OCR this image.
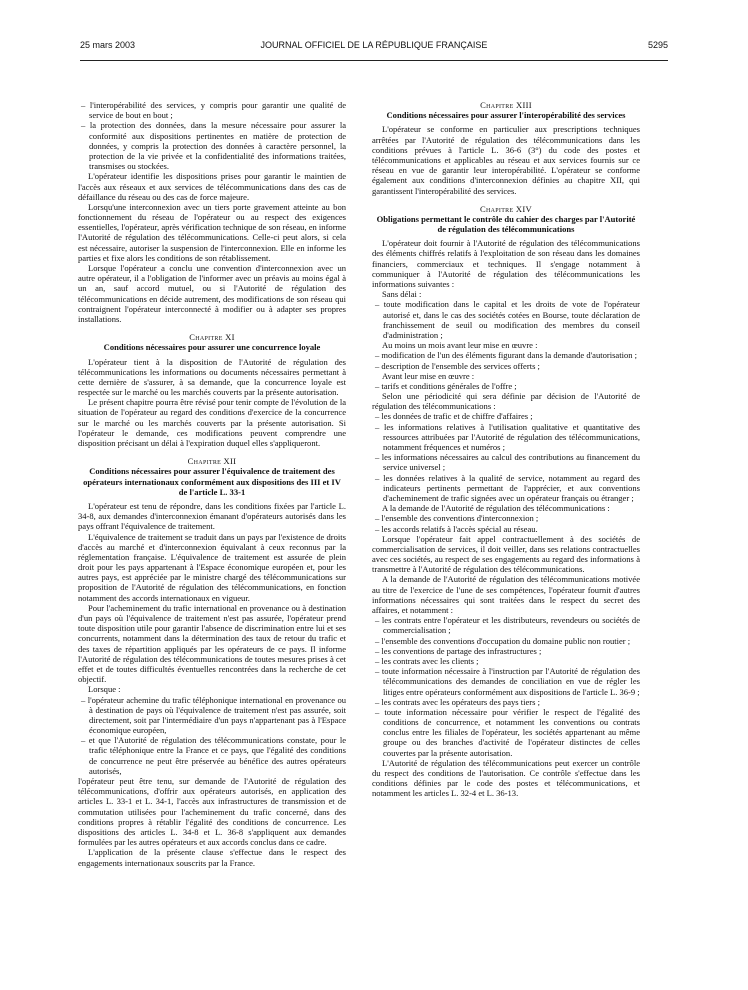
25 mars 2003	JOURNAL OFFICIEL DE LA RÉPUBLIQUE FRANÇAISE	5295

– l'interopérabilité des services, y compris pour garantir une qualité de service de bout en bout ;

– la protection des données, dans la mesure nécessaire pour assurer la conformité aux dispositions pertinentes en matière de protection de données, y compris la protection des données à caractère personnel, la protection de la vie privée et la confidentialité des informations traitées, transmises ou stockées.

L'opérateur identifie les dispositions prises pour garantir le maintien de l'accès aux réseaux et aux services de télécommunications dans des cas de défaillance du réseau ou des cas de force majeure.

Lorsqu'une interconnexion avec un tiers porte gravement atteinte au bon fonctionnement du réseau de l'opérateur ou au respect des exigences essentielles, l'opérateur, après vérification technique de son réseau, en informe l'Autorité de régulation des télécommunications. Celle-ci peut alors, si cela est nécessaire, autoriser la suspension de l'interconnexion. Elle en informe les parties et fixe alors les conditions de son rétablissement.

Lorsque l'opérateur a conclu une convention d'interconnexion avec un autre opérateur, il a l'obligation de l'informer avec un préavis au moins égal à un an, sauf accord mutuel, ou si l'Autorité de régulation des télécommunications en décide autrement, des modifications de son réseau qui contraignent l'opérateur interconnecté à modifier ou à adapter ses propres installations.

Chapitre XI

Conditions nécessaires pour assurer une concurrence loyale

L'opérateur tient à la disposition de l'Autorité de régulation des télécommunications les informations ou documents nécessaires permettant à cette dernière de s'assurer, à sa demande, que la concurrence loyale est respectée sur le marché ou les marchés couverts par la présente autorisation.

Le présent chapitre pourra être révisé pour tenir compte de l'évolution de la situation de l'opérateur au regard des conditions d'exercice de la concurrence sur le marché ou les marchés couverts par la présente autorisation. Si l'opérateur le demande, ces modifications peuvent comprendre une disposition précisant un délai à l'expiration duquel elles s'appliqueront.

Chapitre XII

Conditions nécessaires pour assurer l'équivalence de traitement des opérateurs internationaux conformément aux dispositions des III et IV de l'article L. 33-1

L'opérateur est tenu de répondre, dans les conditions fixées par l'article L. 34-8, aux demandes d'interconnexion émanant d'opérateurs autorisés dans les pays offrant l'équivalence de traitement.

L'équivalence de traitement se traduit dans un pays par l'existence de droits d'accès au marché et d'interconnexion équivalant à ceux reconnus par la réglementation française. L'équivalence de traitement est assurée de plein droit pour les pays appartenant à l'Espace économique européen et, pour les autres pays, est appréciée par le ministre chargé des télécommunications sur proposition de l'Autorité de régulation des télécommunications, en fonction notamment des accords internationaux en vigueur.

Pour l'acheminement du trafic international en provenance ou à destination d'un pays où l'équivalence de traitement n'est pas assurée, l'opérateur prend toute disposition utile pour garantir l'absence de discrimination entre lui et ses concurrents, notamment dans la détermination des taux de retour du trafic et des taxes de répartition appliqués par les opérateurs de ce pays. Il informe l'Autorité de régulation des télécommunications de toutes mesures prises à cet effet et de toutes difficultés éventuelles rencontrées dans la recherche de cet objectif.

Lorsque :

– l'opérateur achemine du trafic téléphonique international en provenance ou à destination de pays où l'équivalence de traitement n'est pas assurée, soit directement, soit par l'intermédiaire d'un pays n'appartenant pas à l'Espace économique européen,

– et que l'Autorité de régulation des télécommunications constate, pour le trafic téléphonique entre la France et ce pays, que l'égalité des conditions de concurrence ne peut être préservée au bénéfice des autres opérateurs autorisés,

l'opérateur peut être tenu, sur demande de l'Autorité de régulation des télécommunications, d'offrir aux opérateurs autorisés, en application des articles L. 33-1 et L. 34-1, l'accès aux infrastructures de transmission et de commutation utilisées pour l'acheminement du trafic concerné, dans des conditions propres à rétablir l'égalité des conditions de concurrence. Les dispositions des articles L. 34-8 et L. 36-8 s'appliquent aux demandes formulées par les autres opérateurs et aux accords conclus dans ce cadre.

L'application de la présente clause s'effectue dans le respect des engagements internationaux souscrits par la France.

Chapitre XIII

Conditions nécessaires pour assurer l'interopérabilité des services

L'opérateur se conforme en particulier aux prescriptions techniques arrêtées par l'Autorité de régulation des télécommunications dans les conditions prévues à l'article L. 36-6 (3°) du code des postes et télécommunications et applicables au réseau et aux services fournis sur ce réseau en vue de garantir leur interopérabilité. L'opérateur se conforme également aux conditions d'interconnexion définies au chapitre XII, qui garantissent l'interopérabilité des services.

Chapitre XIV

Obligations permettant le contrôle du cahier des charges par l'Autorité de régulation des télécommunications

L'opérateur doit fournir à l'Autorité de régulation des télécommunications des éléments chiffrés relatifs à l'exploitation de son réseau dans les domaines financiers, commerciaux et techniques. Il s'engage notamment à communiquer à l'Autorité de régulation des télécommunications les informations suivantes :

Sans délai :

– toute modification dans le capital et les droits de vote de l'opérateur autorisé et, dans le cas des sociétés cotées en Bourse, toute déclaration de franchissement de seuil ou modification des membres du conseil d'administration ;

Au moins un mois avant leur mise en œuvre :

– modification de l'un des éléments figurant dans la demande d'autorisation ;

– description de l'ensemble des services offerts ;

Avant leur mise en œuvre :

– tarifs et conditions générales de l'offre ;

Selon une périodicité qui sera définie par décision de l'Autorité de régulation des télécommunications :

– les données de trafic et de chiffre d'affaires ;

– les informations relatives à l'utilisation qualitative et quantitative des ressources attribuées par l'Autorité de régulation des télécommunications, notamment fréquences et numéros ;

– les informations nécessaires au calcul des contributions au financement du service universel ;

– les données relatives à la qualité de service, notamment au regard des indicateurs pertinents permettant de l'apprécier, et aux conventions d'acheminement de trafic signées avec un opérateur français ou étranger ;

A la demande de l'Autorité de régulation des télécommunications :

– l'ensemble des conventions d'interconnexion ;

– les accords relatifs à l'accès spécial au réseau.

Lorsque l'opérateur fait appel contractuellement à des sociétés de commercialisation de services, il doit veiller, dans ses relations contractuelles avec ces sociétés, au respect de ses engagements au regard des informations à transmettre à l'Autorité de régulation des télécommunications.

A la demande de l'Autorité de régulation des télécommunications motivée au titre de l'exercice de l'une de ses compétences, l'opérateur fournit d'autres informations nécessaires qui sont traitées dans le respect du secret des affaires, et notamment :

– les contrats entre l'opérateur et les distributeurs, revendeurs ou sociétés de commercialisation ;

– l'ensemble des conventions d'occupation du domaine public non routier ;

– les conventions de partage des infrastructures ;

– les contrats avec les clients ;

– toute information nécessaire à l'instruction par l'Autorité de régulation des télécommunications des demandes de conciliation en vue de régler les litiges entre opérateurs conformément aux dispositions de l'article L. 36-9 ;

– les contrats avec les opérateurs des pays tiers ;

– toute information nécessaire pour vérifier le respect de l'égalité des conditions de concurrence, et notamment les conventions ou contrats conclus entre les filiales de l'opérateur, les sociétés appartenant au même groupe ou des branches d'activité de l'opérateur distinctes de celles couvertes par la présente autorisation.

L'Autorité de régulation des télécommunications peut exercer un contrôle du respect des conditions de l'autorisation. Ce contrôle s'effectue dans les conditions définies par le code des postes et télécommunications, et notamment les articles L. 32-4 et L. 36-13.
